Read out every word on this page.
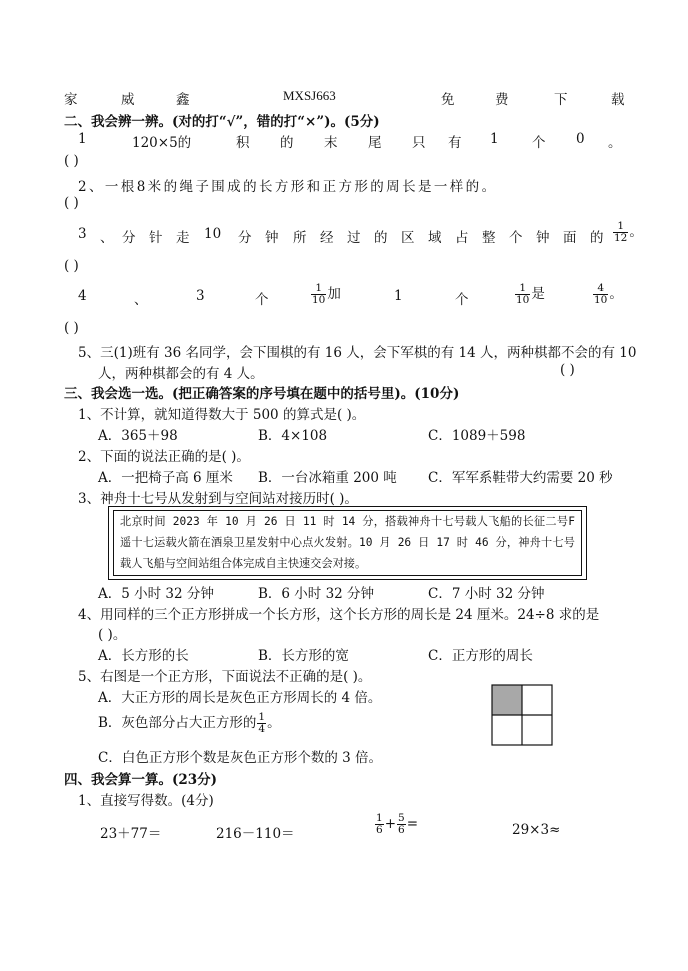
家	威	鑫	MXSJ663	免	费	下	载
二、我会辨一辨。(对的打“√”，错的打“×”)。(5分)
1	120×5的	积 的 末 尾 只 有 1 个 0 。
( )
2、一根8米的绳子围成的长方形和正方形的周长是一样的。
( )
3 、 分 针 走 10 分 钟 所 经 过 的 区 域 占 整 个 钟 面 的 $\frac{1}{12}$ 。
( )
4	、	3	个	$\frac{1}{10}$ 加	1	个	$\frac{1}{10}$ 是	$\frac{4}{10}$ 。
( )
5、三(1)班有 36 名同学，会下围棋的有 16 人，会下军棋的有 14 人，两种棋都不会的有 10
人，两种棋都会的有 4 人。	( )
三、我会选一选。(把正确答案的序号填在题中的括号里)。(10分)
1、不计算，就知道得数大于 500 的算式是( )。
A．365＋98	B．4×108	C．1089＋598
2、下面的说法正确的是( )。
A．一把椅子高 6 厘米 B．一台冰箱重 200 吨 C．军军系鞋带大约需要 20 秒
3、神舟十七号从发射到与空间站对接历时( )。
北京时间 2023 年 10 月 26 日 11 时 14 分，搭载神舟十七号载人飞船的长征二号F 遥十七运载火箭在酒泉卫星发射中心点火发射。10 月 26 日 17 时 46 分，神舟十七号载人飞船与空间站组合体完成自主快速交会对接。
A．5 小时 32 分钟	B．6 小时 32 分钟	C．7 小时 32 分钟
4、用同样的三个正方形拼成一个长方形，这个长方形的周长是 24 厘米。24÷8 求的是
( )。
A．长方形的长	B．长方形的宽	C．正方形的周长
5、右图是一个正方形，下面说法不正确的是( )。
A．大正方形的周长是灰色正方形周长的 4 倍。
B．灰色部分占大正方形的 $\frac{1}{4}$ 。
C．白色正方形个数是灰色正方形个数的 3 倍。
四、我会算一算。(23分)
1、直接写得数。(4分)
23＋77＝	216－110＝	$\frac{1}{6} + \frac{5}{6}$ =	29×3≈
